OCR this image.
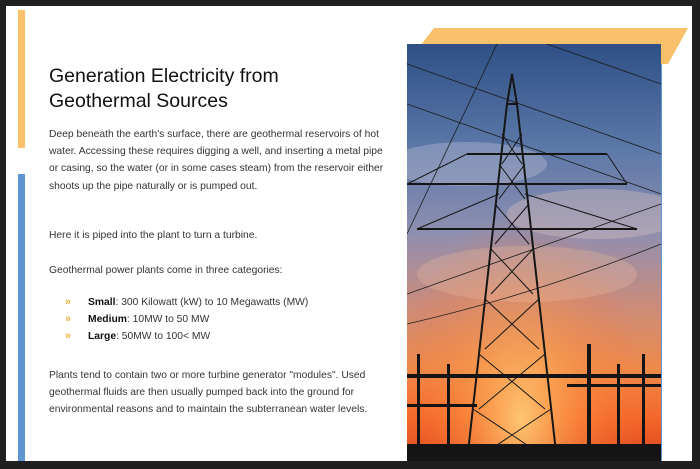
Generation Electricity from Geothermal Sources

Deep beneath the earth's surface, there are geothermal reservoirs of hot water. Accessing these requires digging a well, and inserting a metal pipe or casing, so the water (or in some cases steam) from the reservoir either shoots up the pipe naturally or is pumped out.

Here it is piped into the plant to turn a turbine.

Geothermal power plants come in three categories:

» Small: 300 Kilowatt (kW) to 10 Megawatts (MW)
» Medium: 10MW to 50 MW
» Large: 50MW to 100< MW

Plants tend to contain two or more turbine generator "modules". Used geothermal fluids are then usually pumped back into the ground for environmental reasons and to maintain the subterranean water levels.
